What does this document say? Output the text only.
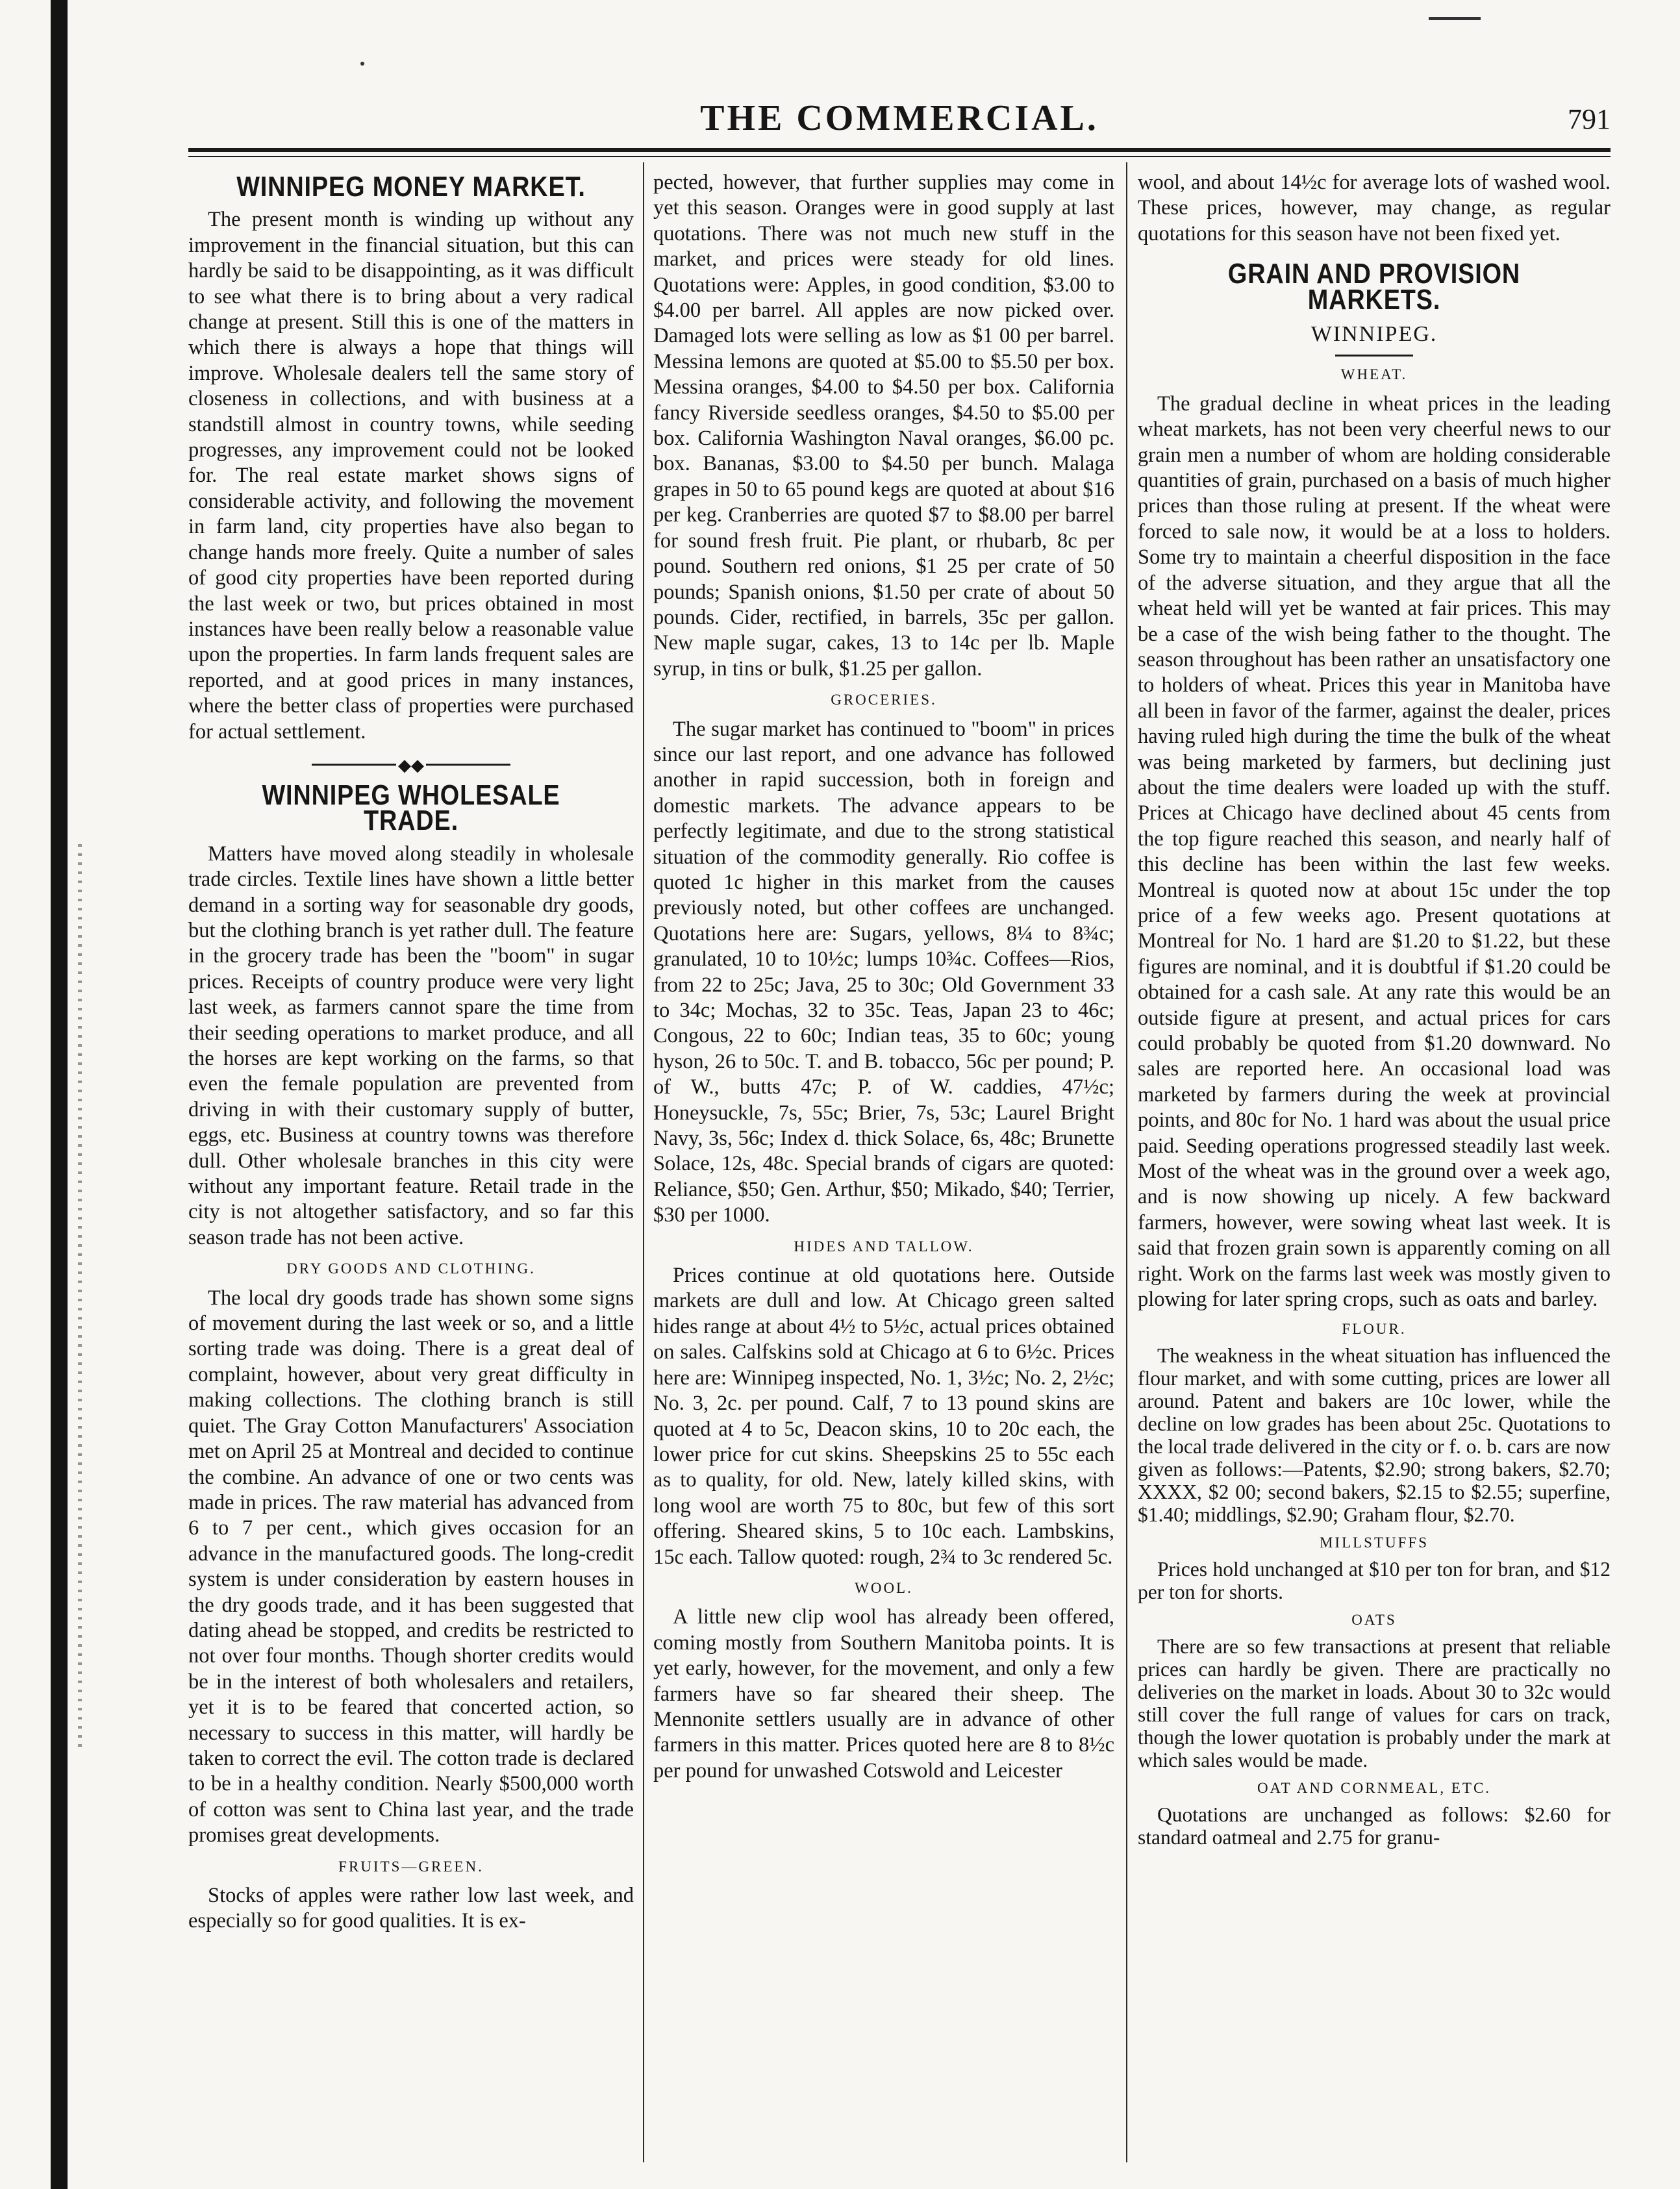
THE COMMERCIAL.	791
WINNIPEG MONEY MARKET.

The present month is winding up without any improvement in the financial situation, but this can hardly be said to be disappointing, as it was difficult to see what there is to bring about a very radical change at present. Still this is one of the matters in which there is always a hope that things will improve. Wholesale dealers tell the same story of closeness in collections, and with business at a standstill almost in country towns, while seeding progresses, any improvement could not be looked for. The real estate market shows signs of considerable activity, and following the movement in farm land, city properties have also began to change hands more freely. Quite a number of sales of good city properties have been reported during the last week or two, but prices obtained in most instances have been really below a reasonable value upon the properties. In farm lands frequent sales are reported, and at good prices in many instances, where the better class of properties were purchased for actual settlement.

◆◆
WINNIPEG WHOLESALE TRADE.

Matters have moved along steadily in wholesale trade circles. Textile lines have shown a little better demand in a sorting way for seasonable dry goods, but the clothing branch is yet rather dull. The feature in the grocery trade has been the "boom" in sugar prices. Receipts of country produce were very light last week, as farmers cannot spare the time from their seeding operations to market produce, and all the horses are kept working on the farms, so that even the female population are prevented from driving in with their customary supply of butter, eggs, etc. Business at country towns was therefore dull. Other wholesale branches in this city were without any important feature. Retail trade in the city is not altogether satisfactory, and so far this season trade has not been active.

DRY GOODS AND CLOTHING.

The local dry goods trade has shown some signs of movement during the last week or so, and a little sorting trade was doing. There is a great deal of complaint, however, about very great difficulty in making collections. The clothing branch is still quiet. The Gray Cotton Manufacturers' Association met on April 25 at Montreal and decided to continue the combine. An advance of one or two cents was made in prices. The raw material has advanced from 6 to 7 per cent., which gives occasion for an advance in the manufactured goods. The long-credit system is under consideration by eastern houses in the dry goods trade, and it has been suggested that dating ahead be stopped, and credits be restricted to not over four months. Though shorter credits would be in the interest of both wholesalers and retailers, yet it is to be feared that concerted action, so necessary to success in this matter, will hardly be taken to correct the evil. The cotton trade is declared to be in a healthy condition. Nearly $500,000 worth of cotton was sent to China last year, and the trade promises great developments.

FRUITS—GREEN.

Stocks of apples were rather low last week, and especially so for good qualities. It is ex-

pected, however, that further supplies may come in yet this season. Oranges were in good supply at last quotations. There was not much new stuff in the market, and prices were steady for old lines. Quotations were: Apples, in good condition, $3.00 to $4.00 per barrel. All apples are now picked over. Damaged lots were selling as low as $1 00 per barrel. Messina lemons are quoted at $5.00 to $5.50 per box. Messina oranges, $4.00 to $4.50 per box. California fancy Riverside seedless oranges, $4.50 to $5.00 per box. California Washington Naval oranges, $6.00 pc. box. Bananas, $3.00 to $4.50 per bunch. Malaga grapes in 50 to 65 pound kegs are quoted at about $16 per keg. Cranberries are quoted $7 to $8.00 per barrel for sound fresh fruit. Pie plant, or rhubarb, 8c per pound. Southern red onions, $1 25 per crate of 50 pounds; Spanish onions, $1.50 per crate of about 50 pounds. Cider, rectified, in barrels, 35c per gallon. New maple sugar, cakes, 13 to 14c per lb. Maple syrup, in tins or bulk, $1.25 per gallon.

GROCERIES.

The sugar market has continued to "boom" in prices since our last report, and one advance has followed another in rapid succession, both in foreign and domestic markets. The advance appears to be perfectly legitimate, and due to the strong statistical situation of the commodity generally. Rio coffee is quoted 1c higher in this market from the causes previously noted, but other coffees are unchanged. Quotations here are: Sugars, yellows, 8¼ to 8¾c; granulated, 10 to 10½c; lumps 10¾c. Coffees—Rios, from 22 to 25c; Java, 25 to 30c; Old Government 33 to 34c; Mochas, 32 to 35c. Teas, Japan 23 to 46c; Congous, 22 to 60c; Indian teas, 35 to 60c; young hyson, 26 to 50c. T. and B. tobacco, 56c per pound; P. of W., butts 47c; P. of W. caddies, 47½c; Honeysuckle, 7s, 55c; Brier, 7s, 53c; Laurel Bright Navy, 3s, 56c; Index d. thick Solace, 6s, 48c; Brunette Solace, 12s, 48c. Special brands of cigars are quoted: Reliance, $50; Gen. Arthur, $50; Mikado, $40; Terrier, $30 per 1000.

HIDES AND TALLOW.

Prices continue at old quotations here. Outside markets are dull and low. At Chicago green salted hides range at about 4½ to 5½c, actual prices obtained on sales. Calfskins sold at Chicago at 6 to 6½c. Prices here are: Winnipeg inspected, No. 1, 3½c; No. 2, 2½c; No. 3, 2c. per pound. Calf, 7 to 13 pound skins are quoted at 4 to 5c, Deacon skins, 10 to 20c each, the lower price for cut skins. Sheepskins 25 to 55c each as to quality, for old. New, lately killed skins, with long wool are worth 75 to 80c, but few of this sort offering. Sheared skins, 5 to 10c each. Lambskins, 15c each. Tallow quoted: rough, 2¾ to 3c rendered 5c.

WOOL.

A little new clip wool has already been offered, coming mostly from Southern Manitoba points. It is yet early, however, for the movement, and only a few farmers have so far sheared their sheep. The Mennonite settlers usually are in advance of other farmers in this matter. Prices quoted here are 8 to 8½c per pound for unwashed Cotswold and Leicester

wool, and about 14½c for average lots of washed wool. These prices, however, may change, as regular quotations for this season have not been fixed yet.

GRAIN AND PROVISION MARKETS.
WINNIPEG.
WHEAT.

The gradual decline in wheat prices in the leading wheat markets, has not been very cheerful news to our grain men a number of whom are holding considerable quantities of grain, purchased on a basis of much higher prices than those ruling at present. If the wheat were forced to sale now, it would be at a loss to holders. Some try to maintain a cheerful disposition in the face of the adverse situation, and they argue that all the wheat held will yet be wanted at fair prices. This may be a case of the wish being father to the thought. The season throughout has been rather an unsatisfactory one to holders of wheat. Prices this year in Manitoba have all been in favor of the farmer, against the dealer, prices having ruled high during the time the bulk of the wheat was being marketed by farmers, but declining just about the time dealers were loaded up with the stuff. Prices at Chicago have declined about 45 cents from the top figure reached this season, and nearly half of this decline has been within the last few weeks. Montreal is quoted now at about 15c under the top price of a few weeks ago. Present quotations at Montreal for No. 1 hard are $1.20 to $1.22, but these figures are nominal, and it is doubtful if $1.20 could be obtained for a cash sale. At any rate this would be an outside figure at present, and actual prices for cars could probably be quoted from $1.20 downward. No sales are reported here. An occasional load was marketed by farmers during the week at provincial points, and 80c for No. 1 hard was about the usual price paid. Seeding operations progressed steadily last week. Most of the wheat was in the ground over a week ago, and is now showing up nicely. A few backward farmers, however, were sowing wheat last week. It is said that frozen grain sown is apparently coming on all right. Work on the farms last week was mostly given to plowing for later spring crops, such as oats and barley.

FLOUR.

The weakness in the wheat situation has influenced the flour market, and with some cutting, prices are lower all around. Patent and bakers are 10c lower, while the decline on low grades has been about 25c. Quotations to the local trade delivered in the city or f. o. b. cars are now given as follows:—Patents, $2.90; strong bakers, $2.70; XXXX, $2 00; second bakers, $2.15 to $2.55; superfine, $1.40; middlings, $2.90; Graham flour, $2.70.

MILLSTUFFS

Prices hold unchanged at $10 per ton for bran, and $12 per ton for shorts.

OATS

There are so few transactions at present that reliable prices can hardly be given. There are practically no deliveries on the market in loads. About 30 to 32c would still cover the full range of values for cars on track, though the lower quotation is probably under the mark at which sales would be made.

OAT AND CORNMEAL, ETC.

Quotations are unchanged as follows: $2.60 for standard oatmeal and 2.75 for granu-
